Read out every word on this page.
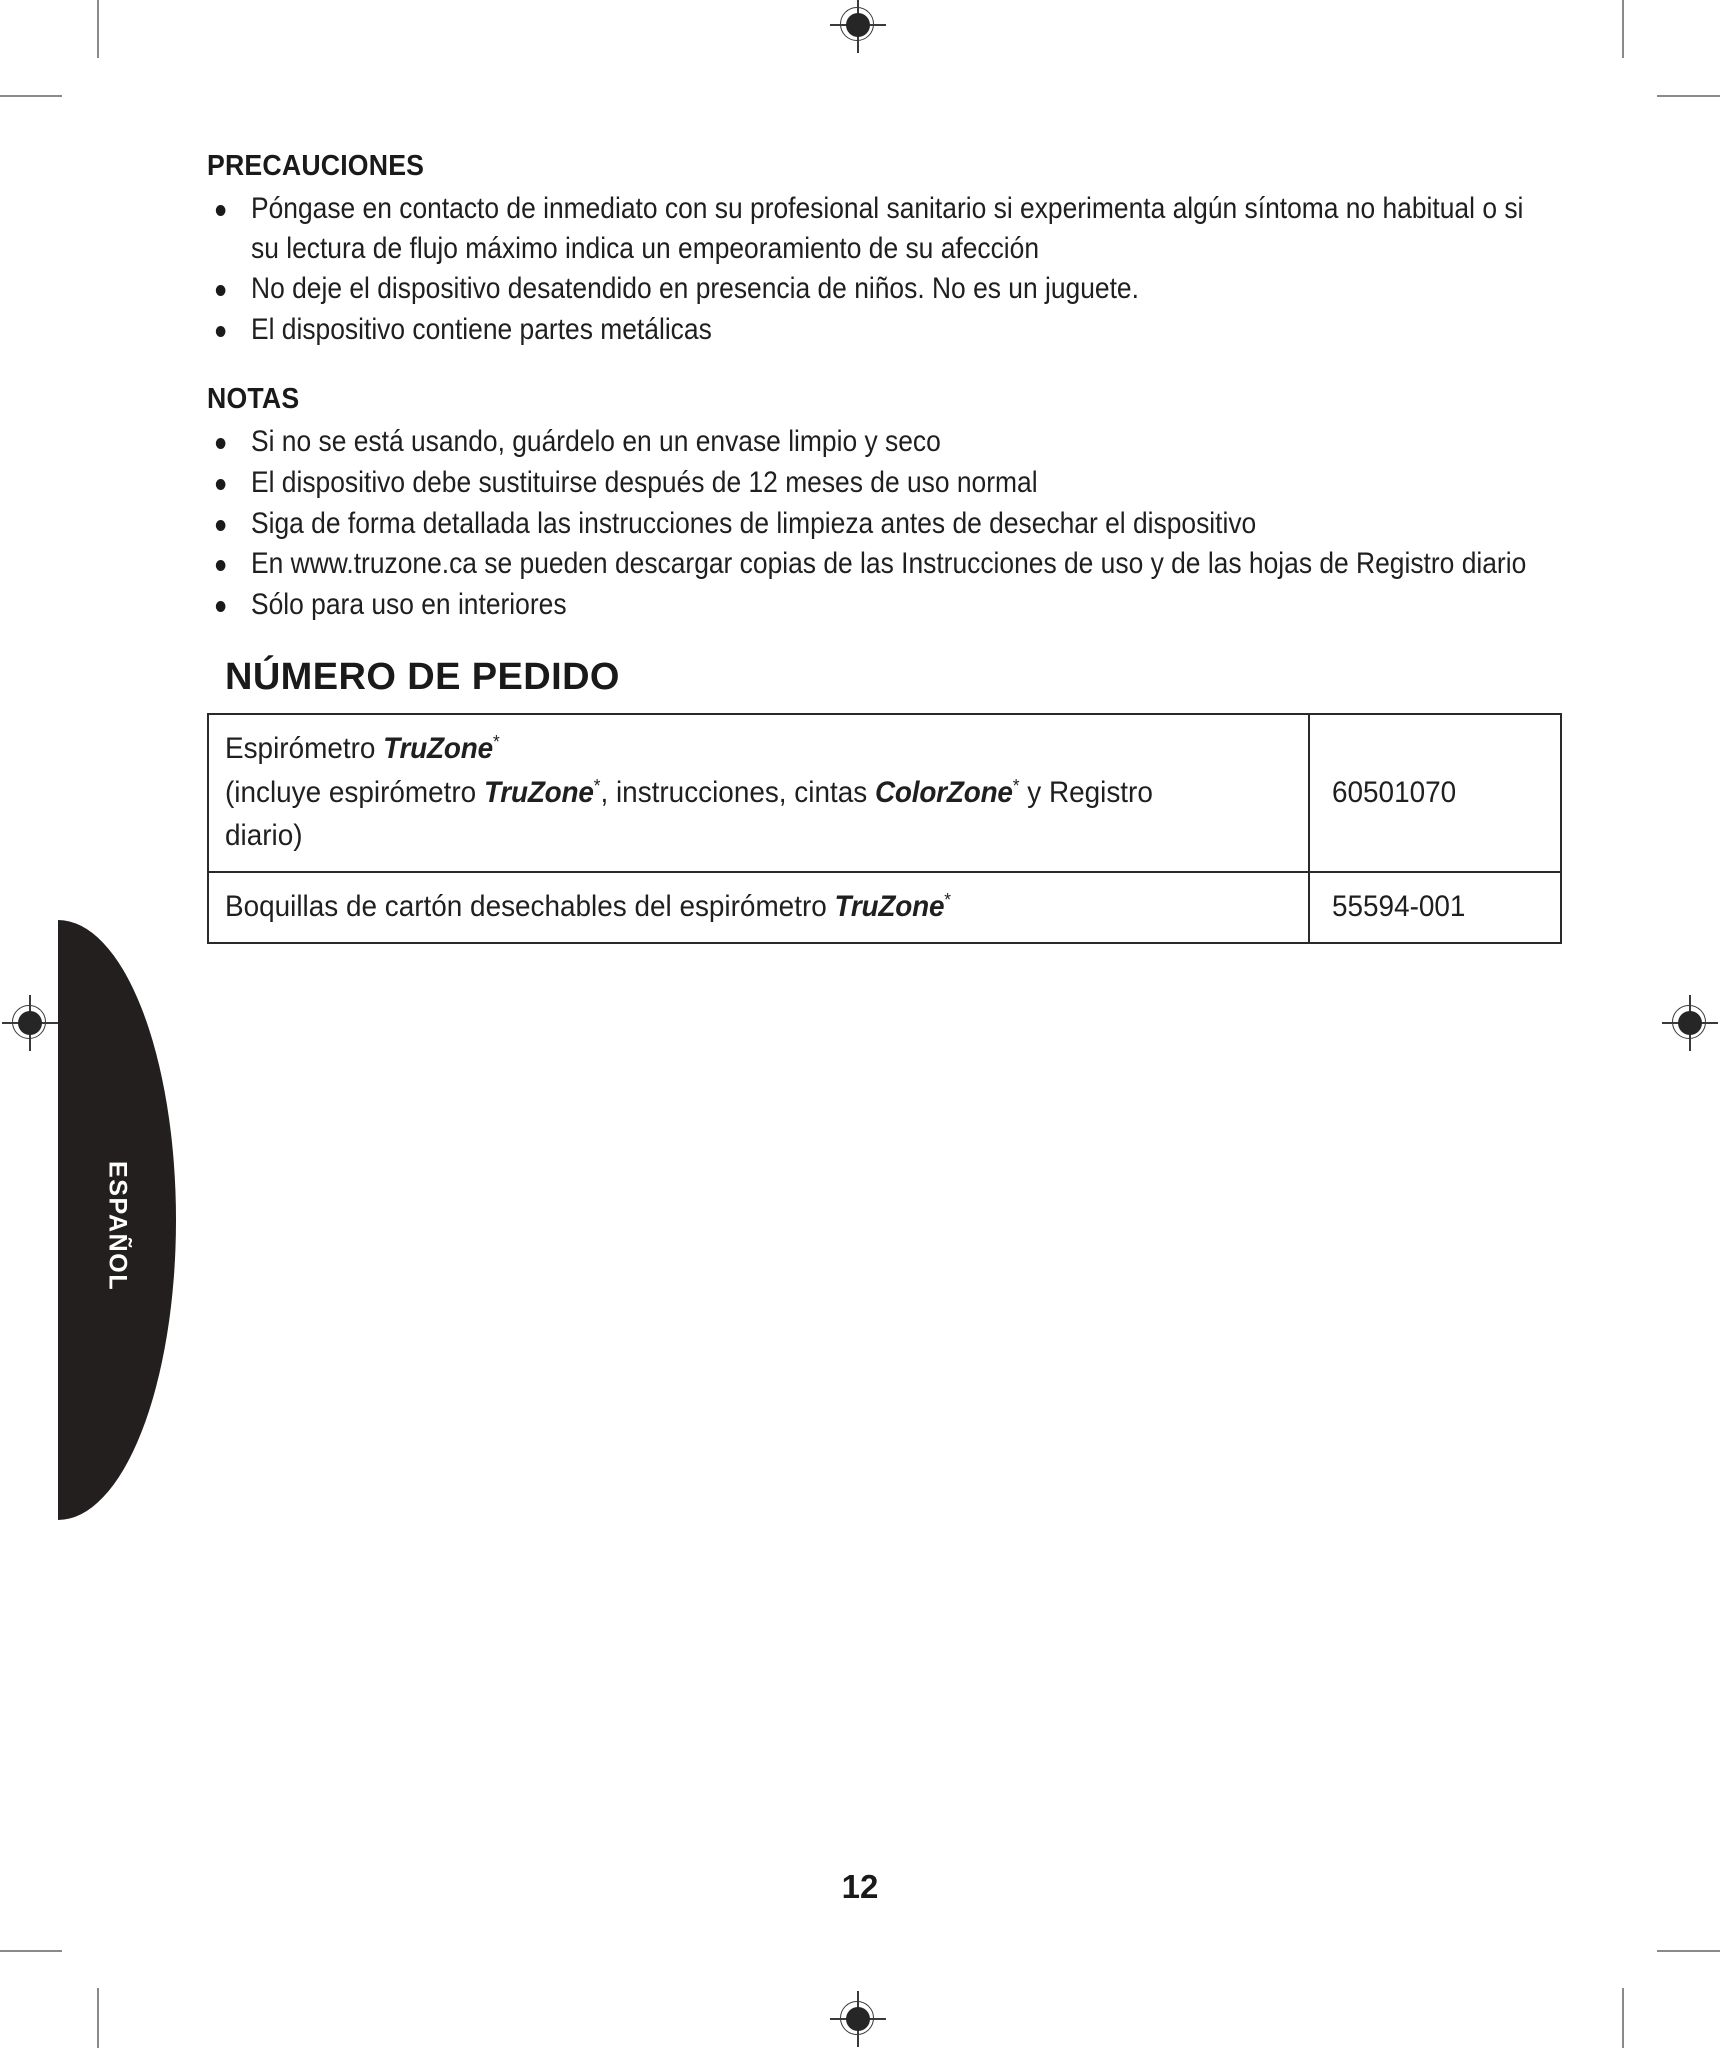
ESPAÑOL
PRECAUCIONES
Póngase en contacto de inmediato con su profesional sanitario si experimenta algún síntoma no habitual o si su lectura de flujo máximo indica un empeoramiento de su afección
No deje el dispositivo desatendido en presencia de niños. No es un juguete.
El dispositivo contiene partes metálicas
NOTAS
Si no se está usando, guárdelo en un envase limpio y seco
El dispositivo debe sustituirse después de 12 meses de uso normal
Siga de forma detallada las instrucciones de limpieza antes de desechar el dispositivo
En www.truzone.ca se pueden descargar copias de las Instrucciones de uso y de las hojas de Registro diario
Sólo para uso en interiores
NÚMERO DE PEDIDO
Espirómetro TruZone*
(incluye espirómetro TruZone*, instrucciones, cintas ColorZone* y Registro diario)	60501070

Boquillas de cartón desechables del espirómetro TruZone*	55594-001
12
